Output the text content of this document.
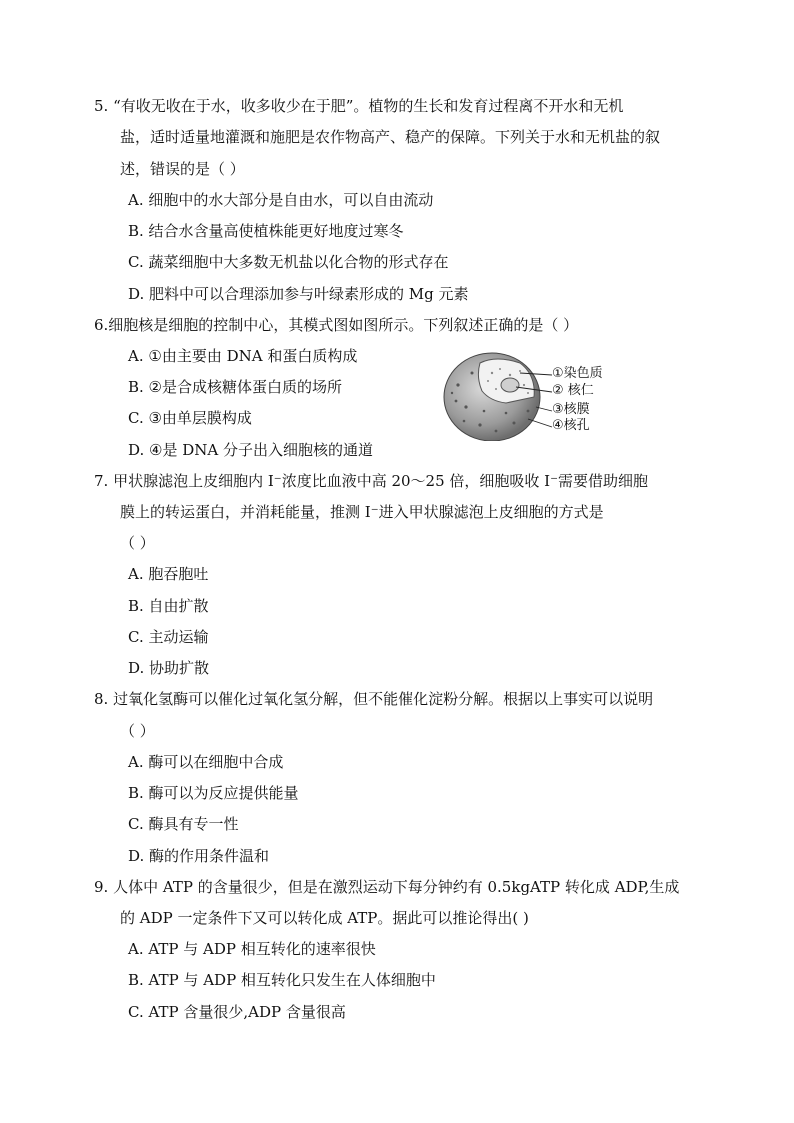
5. “有收无收在于水，收多收少在于肥”。植物的生长和发育过程离不开水和无机
盐，适时适量地灌溉和施肥是农作物高产、稳产的保障。下列关于水和无机盐的叙
述，错误的是（ ）
A. 细胞中的水大部分是自由水，可以自由流动
B. 结合水含量高使植株能更好地度过寒冬
C. 蔬菜细胞中大多数无机盐以化合物的形式存在
D. 肥料中可以合理添加参与叶绿素形成的 Mg 元素
6.细胞核是细胞的控制中心，其模式图如图所示。下列叙述正确的是（ ）
A. ①由主要由 DNA 和蛋白质构成
B. ②是合成核糖体蛋白质的场所
C. ③由单层膜构成
D. ④是 DNA 分子出入细胞核的通道
①染色质
② 核仁
③核膜
④核孔
7. 甲状腺滤泡上皮细胞内 I⁻浓度比血液中高 20～25 倍，细胞吸收 I⁻需要借助细胞
膜上的转运蛋白，并消耗能量，推测 I⁻进入甲状腺滤泡上皮细胞的方式是
（ ）
A. 胞吞胞吐
B. 自由扩散
C. 主动运输
D. 协助扩散
8. 过氧化氢酶可以催化过氧化氢分解，但不能催化淀粉分解。根据以上事实可以说明
（ ）
A. 酶可以在细胞中合成
B. 酶可以为反应提供能量
C. 酶具有专一性
D. 酶的作用条件温和
9. 人体中 ATP 的含量很少，但是在激烈运动下每分钟约有 0.5kgATP 转化成 ADP,生成
的 ADP 一定条件下又可以转化成 ATP。据此可以推论得出( )
A. ATP 与 ADP 相互转化的速率很快
B. ATP 与 ADP 相互转化只发生在人体细胞中
C. ATP 含量很少,ADP 含量很高
